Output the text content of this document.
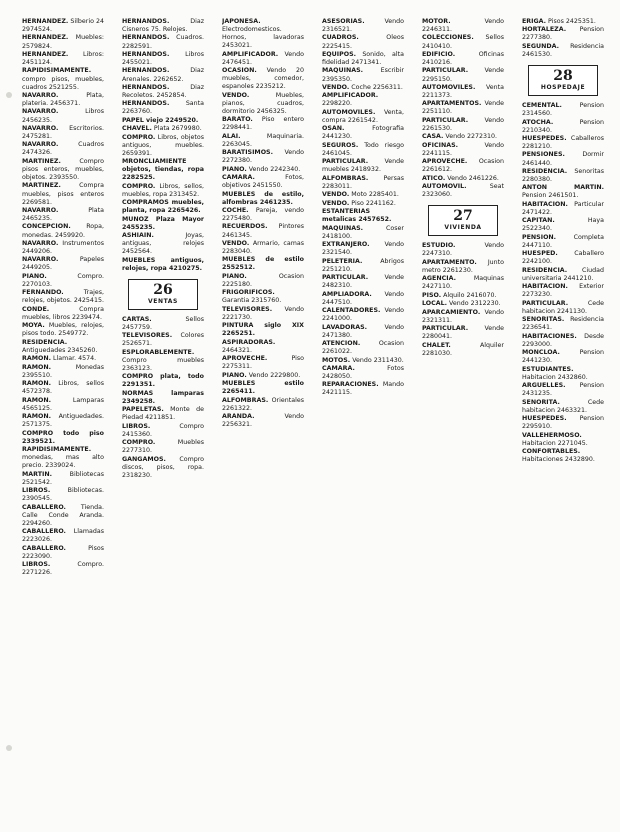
HERNANDEZ. Silberio 24 2974524.

HERNANDEZ. Muebles: 2579824.

HERNANDEZ. Libros: 2451124.

RAPIDISIMAMENTE. compro pisos, muebles, cuadros 2521255.

NAVARRO. Plata, plateria. 2456371.

NAVARRO. Libros 2456235.

NAVARRO. Escritorios. 2475281.

NAVARRO. Cuadros 2474326.

MARTINEZ. Compro pisos enteros, muebles, objetos. 2393550.

MARTINEZ. Compra muebles, pisos enteros 2269581.

NAVARRO. Plata 2465235.

CONCEPCION. Ropa, monedas. 2459920.

NAVARRO. Instrumentos 2449206.

NAVARRO. Papeles 2449205.

PIANO. Compro. 2270103.

FERNANDO. Trajes, relojes, objetos. 2425415.

CONDE. Compra muebles, libros 2239474.

MOYA. Muebles, relojes, pisos todo. 2549772.

RESIDENCIA. Antiguedades 2345260.

RAMON. Llamar. 4574.

RAMON. Monedas 2395510.

RAMON. Libros, sellos 4572378.

RAMON. Lamparas 4565125.

RAMON. Antiguedades. 2571375.

COMPRO todo piso 2339521.

RAPIDISIMAMENTE. monedas, mas alto precio. 2339024.

MARTIN. Bibliotecas 2521542.

LIBROS. Bibliotecas. 2390545.

CABALLERO. Tienda. Calle Conde Aranda. 2294260.

CABALLERO. Llamadas 2223026.

CABALLERO. Pisos 2223090.

LIBROS. Compro. 2271226.

HERNANDOS. Diaz Cisneros 75. Relojes.

HERNANDOS. Cuadros. 2282591.

HERNANDOS. Libros 2455021.

HERNANDOS. Diaz Arenales. 2262652.

HERNANDOS. Diaz Recoletos. 2452854.

HERNANDOS. Santa 2263760.

PAPEL viejo 2249520.

CHAVEL. Plata 2679980.

COMPRO. Libros, objetos antiguos, muebles. 2659391.

MRONCLIAMIENTE objetos, tiendas, ropa 2282525.

COMPRO. Libros, sellos, muebles, ropa 2313452.

COMPRAMOS muebles, planta, ropa 2265426.

MUNOZ Plaza Mayor 2455235.

ASHIAIN. Joyas, antiguas, relojes 2452564.

MUEBLES antiguos, relojes, ropa 4210275.

26
VENTAS

CARTAS. Sellos 2457759.

TELEVISORES. Colores 2526571.

ESPLORABLEMENTE. Compro muebles 2363123.

COMPRO plata, todo 2291351.

NORMAS lamparas 2349258.

PAPELETAS. Monte de Piedad 4211851.

LIBROS. Compro 2415360.

COMPRO. Muebles 2277310.

GANGAMOS. Compro discos, pisos, ropa. 2318230.

JAPONESA. Electrodomesticos. Hornos, lavadoras 2453021.

AMPLIFICADOR. Vendo 2476451.

OCASION. Vendo 20 muebles, comedor, espanoles 2235212.

VENDO. Muebles, pianos, cuadros, dormitorio 2456325.

BARATO. Piso entero 2298441.

ALAI. Maquinaria. 2263045.

BARATISIMOS. Vendo 2272380.

PIANO. Vendo 2242340.

CAMARA. Fotos, objetivos 2451550.

MUEBLES de estilo, alfombras 2461235.

COCHE. Pareja, vendo 2275480.

RECUERDOS. Pintores 2461345.

VENDO. Armario, camas 2283040.

MUEBLES de estilo 2552512.

PIANO. Ocasion 2225180.

FRIGORIFICOS. Garantia 2315760.

TELEVISORES. Vendo 2221730.

PINTURA siglo XIX 2265251.

ASPIRADORAS. 2464321.

APROVECHE. Piso 2275311.

PIANO. Vendo 2229800.

MUEBLES estilo 2265411.

ALFOMBRAS. Orientales 2261322.

ARANDA. Vendo 2256321.

ASESORIAS. Vendo 2316521.

CUADROS. Oleos 2225415.

EQUIPOS. Sonido, alta fidelidad 2471341.

MAQUINAS. Escribir 2395350.

VENDO. Coche 2256311.

AMPLIFICADOR. 2298220.

AUTOMOVILES. Venta, compra 2261542.

OSAN. Fotografia 2441230.

SEGUROS. Todo riesgo 2461045.

PARTICULAR. Vende muebles 2418932.

ALFOMBRAS. Persas 2283011.

VENDO. Moto 2285401.

VENDO. Piso 2241162.

ESTANTERIAS metalicas 2457652.

MAQUINAS. Coser 2418100.

EXTRANJERO. Vendo 2321540.

PELETERIA. Abrigos 2251210.

PARTICULAR. Vende 2482310.

AMPLIADORA. Vendo 2447510.

CALENTADORES. Vendo 2241000.

LAVADORAS. Vendo 2471380.

ATENCION. Ocasion 2261022.

MOTOS. Vendo 2311430.

CAMARA. Fotos 2428050.

REPARACIONES. Mando 2421115.

MOTOR. Vendo 2246311.

COLECCIONES. Sellos 2410410.

EDIFICIO. Oficinas 2410216.

PARTICULAR. Vende 2295150.

AUTOMOVILES. Venta 2211373.

APARTAMENTOS. Vende 2251110.

PARTICULAR. Vendo 2261530.

CASA. Vendo 2272310.

OFICINAS. Vendo 2241115.

APROVECHE. Ocasion 2261612.

ATICO. Vendo 2461226.

AUTOMOVIL. Seat 2323060.

27
VIVIENDA

ESTUDIO. Vendo 2247310.

APARTAMENTO. Junto metro 2261230.

AGENCIA. Maquinas 2427110.

PISO. Alquilo 2416070.

LOCAL. Vendo 2312230.

APARCAMIENTO. Vendo 2321311.

PARTICULAR. Vende 2280041.

CHALET. Alquiler 2281030.

ERIGA. Pisos 2425351.

HORTALEZA. Pension 2277380.

SEGUNDA. Residencia 2461530.

28
HOSPEDAJE

CEMENTAL. Pension 2314560.

ATOCHA. Pension 2210340.

HUESPEDES. Caballeros 2281210.

PENSIONES. Dormir 2461440.

RESIDENCIA. Senoritas 2280380.

ANTON MARTIN. Pension 2461501.

HABITACION. Particular 2471422.

CAPITAN. Haya 2522340.

PENSION. Completa 2447110.

HUESPED. Caballero 2242100.

RESIDENCIA. Ciudad universitaria 2441210.

HABITACION. Exterior 2273230.

PARTICULAR. Cede habitacion 2241130.

SENORITAS. Residencia 2236541.

HABITACIONES. Desde 2293000.

MONCLOA. Pension 2441230.

ESTUDIANTES. Habitacion 2432860.

ARGUELLES. Pension 2431235.

SENORITA. Cede habitacion 2463321.

HUESPEDES. Pension 2295910.

VALLEHERMOSO. Habitacion 2271045.

CONFORTABLES. Habitaciones 2432890.
